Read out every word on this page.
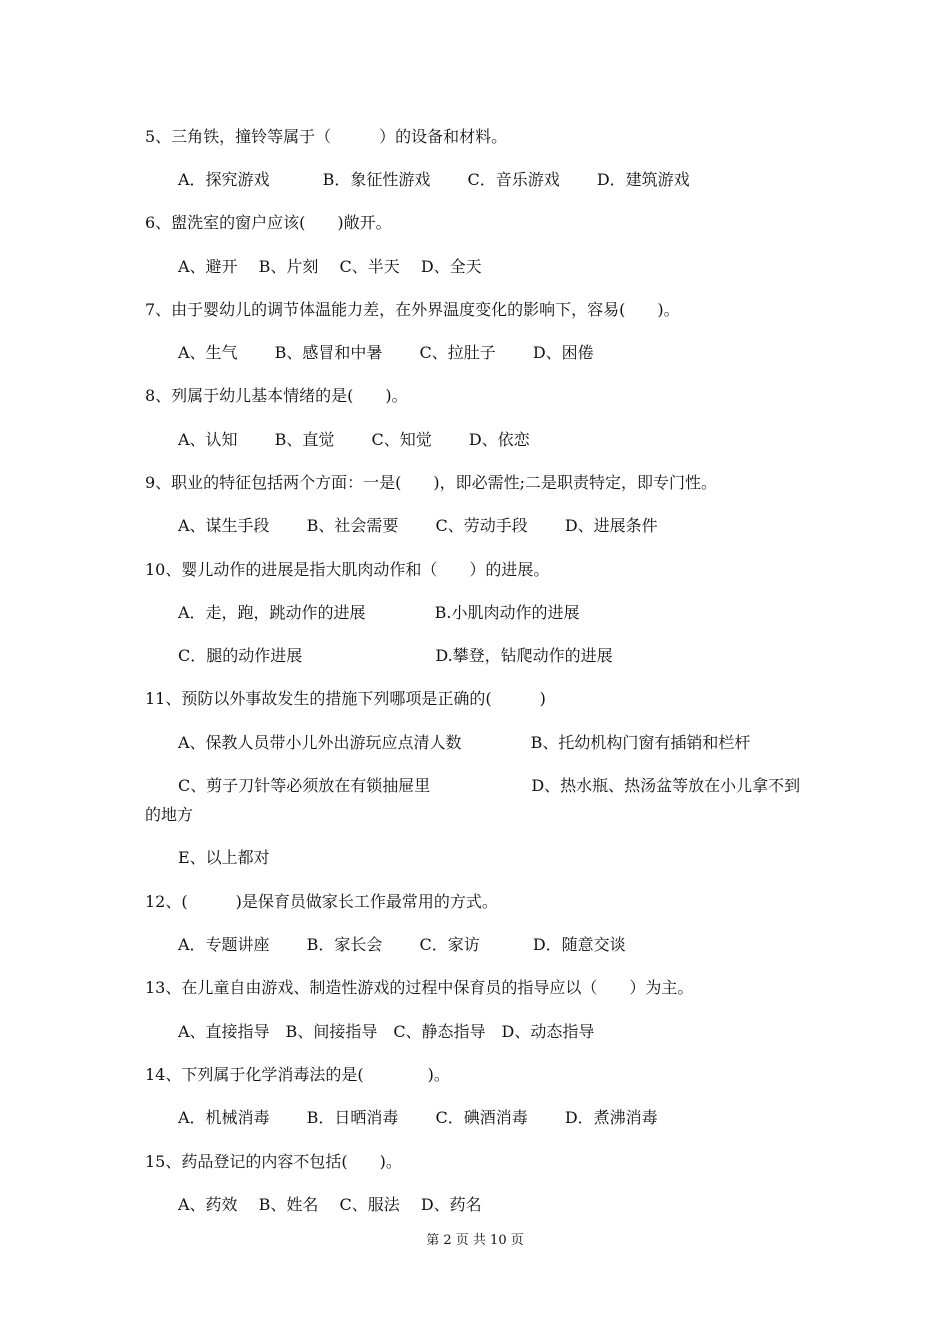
5、三角铁，撞铃等属于（　　　）的设备和材料。
A．探究游戏　　　 B．象征性游戏　　 C．音乐游戏　　 D．建筑游戏
6、盥洗室的窗户应该(　　)敞开。
A、避开　 B、片刻　 C、半天　 D、全天
7、由于婴幼儿的调节体温能力差，在外界温度变化的影响下，容易(　　)。
A、生气　　 B、感冒和中暑　　 C、拉肚子　　 D、困倦
8、列属于幼儿基本情绪的是(　　)。
A、认知　　 B、直觉　　 C、知觉　　 D、依恋
9、职业的特征包括两个方面：一是(　　)，即必需性;二是职责特定，即专门性。
A、谋生手段　　 B、社会需要　　 C、劳动手段　　 D、进展条件
10、婴儿动作的进展是指大肌肉动作和（　　）的进展。
A．走，跑，跳动作的进展　　　　 B.小肌肉动作的进展
C．腿的动作进展　　　　　　　　 D.攀登，钻爬动作的进展
11、预防以外事故发生的措施下列哪项是正确的(　　　)
A、保教人员带小儿外出游玩应点清人数　　　　 B、托幼机构门窗有插销和栏杆
C、剪子刀针等必须放在有锁抽屉里　　　　　　 D、热水瓶、热汤盆等放在小儿拿不到
的地方
E、以上都对
12、(　　　)是保育员做家长工作最常用的方式。
A．专题讲座　　 B．家长会　　 C．家访　　　 D．随意交谈
13、在儿童自由游戏、制造性游戏的过程中保育员的指导应以（　　）为主。
A、直接指导　B、间接指导　C、静态指导　D、动态指导
14、下列属于化学消毒法的是(　　　　)。
A．机械消毒　　 B．日晒消毒　　 C．碘酒消毒　　 D．煮沸消毒
15、药品登记的内容不包括(　　)。
A、药效　 B、姓名　 C、服法　 D、药名
第 2 页 共 10 页
